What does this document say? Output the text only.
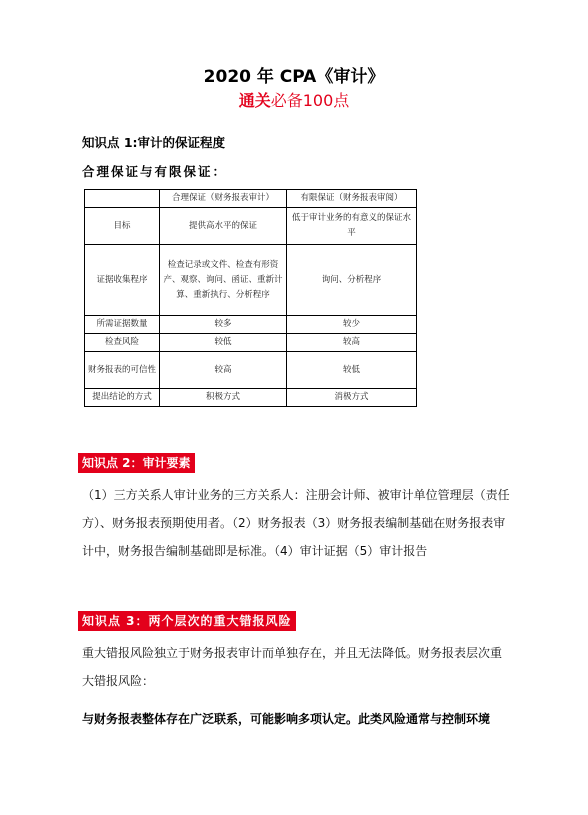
2020 年 CPA《审计》
通关必备100点
知识点 1:审计的保证程度
合理保证与有限保证：
	合理保证（财务报表审计）	有限保证（财务报表审阅）
目标	提供高水平的保证	低于审计业务的有意义的保证水平
证据收集程序	检查记录或文件、检查有形资产、观察、询问、函证、重新计算、重新执行、分析程序	询问、分析程序
所需证据数量	较多	较少
检查风险	较低	较高
财务报表的可信性	较高	较低
提出结论的方式	积极方式	消极方式
知识点 2：审计要素
（1）三方关系人审计业务的三方关系人：注册会计师、被审计单位管理层（责任方）、财务报表预期使用者。（2）财务报表（3）财务报表编制基础在财务报表审计中，财务报告编制基础即是标准。（4）审计证据（5）审计报告
知识点 3：两个层次的重大错报风险
重大错报风险独立于财务报表审计而单独存在，并且无法降低。财务报表层次重大错报风险：
与财务报表整体存在广泛联系，可能影响多项认定。此类风险通常与控制环境
